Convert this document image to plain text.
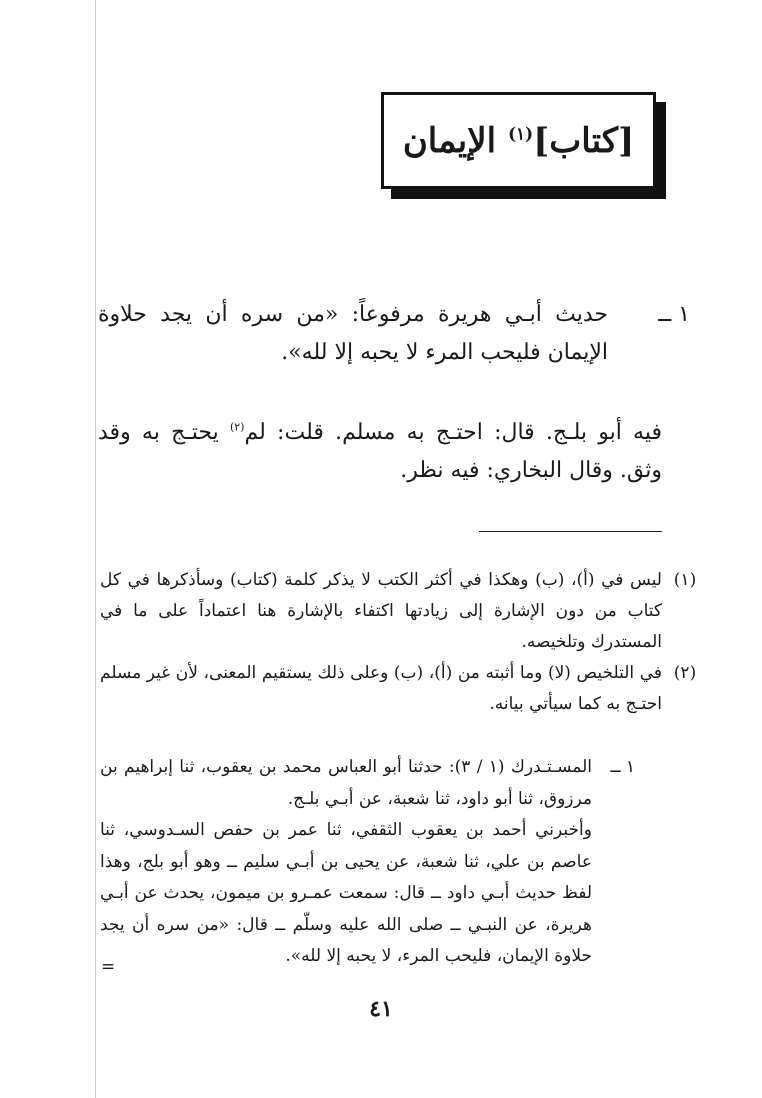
[كتاب]$^{(١)}$ الإيمان
١ ــ
حديث أبـي هريرة مرفوعاً: «من سره أن يجد حلاوة الإيمان فليحب المرء لا يحبه إلا لله».
فيه أبو بلـج. قال: احتـج به مسلم. قلت: لم$^{(٢)}$ يحتـج به وقد وثق. وقال البخاري: فيه نظر.
(١)
ليس في (أ)، (ب) وهكذا في أكثر الكتب لا يذكر كلمة (كتاب) وسأذكرها في كل كتاب من دون الإشارة إلى زيادتها اكتفاء بالإشارة هنا اعتماداً على ما في المستدرك وتلخيصه.
(٢)
في التلخيص (لا) وما أثبته من (أ)، (ب) وعلى ذلك يستقيم المعنى، لأن غير مسلم احتـج به كما سيأتي بيانه.
١ ــ
المسـتـدرك (١ / ٣): حدثنا أبو العباس محمد بن يعقوب، ثنا إبراهيم بن مرزوق، ثنا أبو داود، ثنا شعبة، عن أبـي بلـج.
وأخبرني أحمد بن يعقوب الثقفي، ثنا عمر بن حفص السـدوسي، ثنا عاصم بن علي، ثنا شعبة، عن يحيى بن أبـي سليم ــ وهو أبو بلج، وهذا لفظ حديث أبـي داود ــ قال: سمعت عمـرو بن ميمون، يحدث عن أبـي هريرة، عن النبـي ــ صلى الله عليه وسلّم ــ قال: «من سره أن يجد حلاوة الإيمان، فليحب المرء، لا يحبه إلا لله».
=
٤١
